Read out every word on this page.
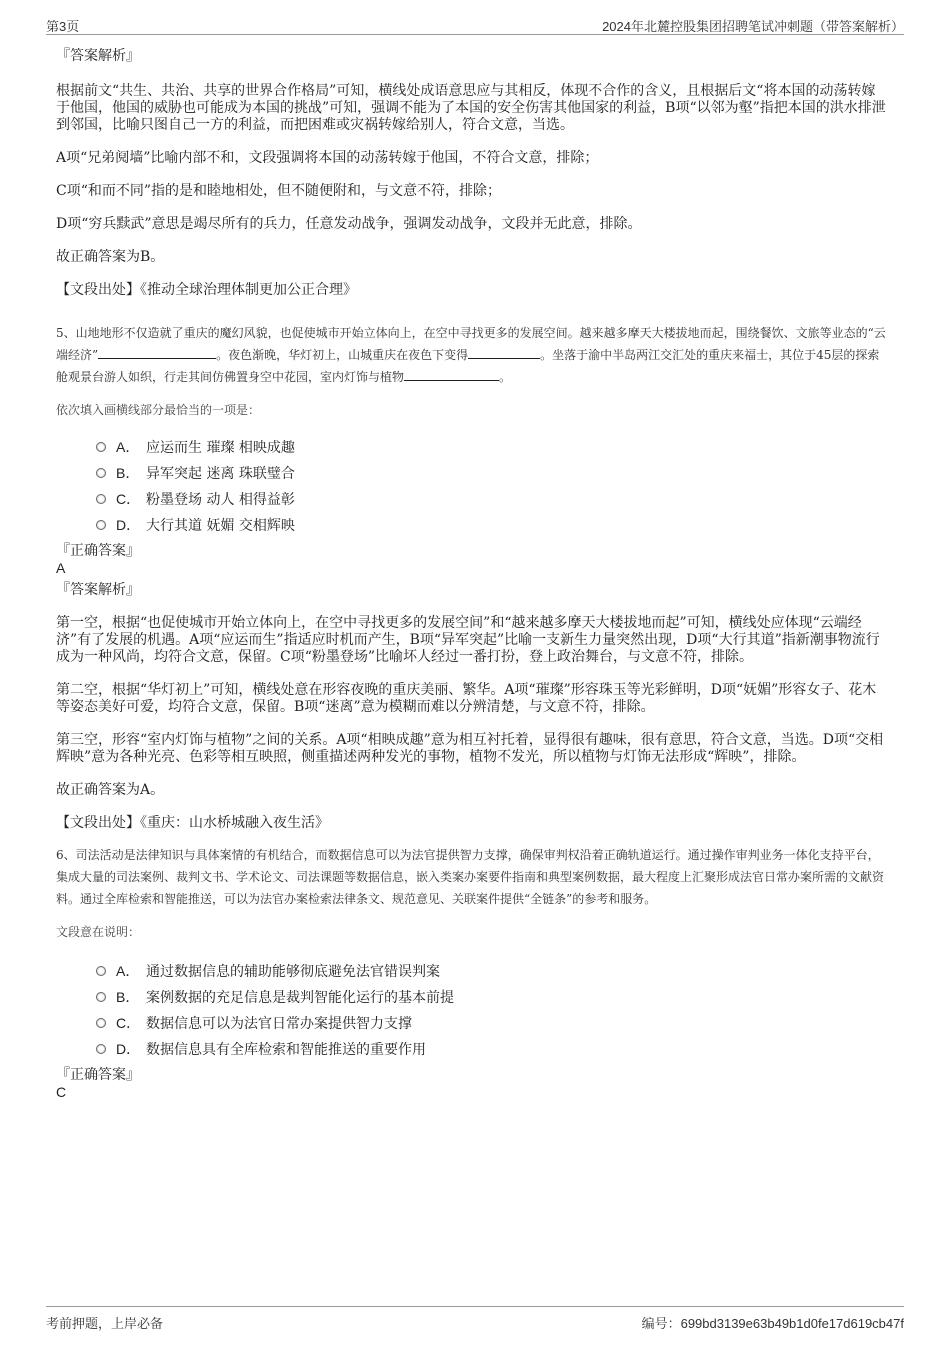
第3页	2024年北麓控股集团招聘笔试冲刺题（带答案解析）

『答案解析』

根据前文“共生、共治、共享的世界合作格局”可知，横线处成语意思应与其相反，体现不合作的含义，且根据后文“将本国的动荡转嫁于他国，他国的威胁也可能成为本国的挑战”可知，强调不能为了本国的安全伤害其他国家的利益，B项“以邻为壑”指把本国的洪水排泄到邻国，比喻只图自己一方的利益，而把困难或灾祸转嫁给别人，符合文意，当选。

A项“兄弟阋墙”比喻内部不和，文段强调将本国的动荡转嫁于他国，不符合文意，排除；

C项“和而不同”指的是和睦地相处，但不随便附和，与文意不符，排除；

D项“穷兵黩武”意思是竭尽所有的兵力，任意发动战争，强调发动战争，文段并无此意，排除。

故正确答案为B。

【文段出处】《推动全球治理体制更加公正合理》

5、山地地形不仅造就了重庆的魔幻风貌，也促使城市开始立体向上，在空中寻找更多的发展空间。越来越多摩天大楼拔地而起，围绕餐饮、文旅等业态的“云端经济”	。夜色渐晚，华灯初上，山城重庆在夜色下变得	。坐落于渝中半岛两江交汇处的重庆来福士，其位于45层的探索舱观景台游人如织，行走其间仿佛置身空中花园，室内灯饰与植物	。

依次填入画横线部分最恰当的一项是：

A． 应运而生 璀璨 相映成趣
B． 异军突起 迷离 珠联璧合
C． 粉墨登场 动人 相得益彰
D． 大行其道 妩媚 交相辉映

『正确答案』

A

『答案解析』

第一空，根据“也促使城市开始立体向上，在空中寻找更多的发展空间”和“越来越多摩天大楼拔地而起”可知，横线处应体现“云端经济”有了发展的机遇。A项“应运而生”指适应时机而产生，B项“异军突起”比喻一支新生力量突然出现，D项“大行其道”指新潮事物流行成为一种风尚，均符合文意，保留。C项“粉墨登场”比喻坏人经过一番打扮，登上政治舞台，与文意不符，排除。

第二空，根据“华灯初上”可知，横线处意在形容夜晚的重庆美丽、繁华。A项“璀璨”形容珠玉等光彩鲜明，D项“妩媚”形容女子、花木等姿态美好可爱，均符合文意，保留。B项“迷离”意为模糊而难以分辨清楚，与文意不符，排除。

第三空，形容“室内灯饰与植物”之间的关系。A项“相映成趣”意为相互衬托着，显得很有趣味，很有意思，符合文意，当选。D项“交相辉映”意为各种光亮、色彩等相互映照，侧重描述两种发光的事物，植物不发光，所以植物与灯饰无法形成“辉映”，排除。

故正确答案为A。

【文段出处】《重庆：山水桥城融入夜生活》

6、司法活动是法律知识与具体案情的有机结合，而数据信息可以为法官提供智力支撑，确保审判权沿着正确轨道运行。通过操作审判业务一体化支持平台，集成大量的司法案例、裁判文书、学术论文、司法课题等数据信息，嵌入类案办案要件指南和典型案例数据，最大程度上汇聚形成法官日常办案所需的文献资料。通过全库检索和智能推送，可以为法官办案检索法律条文、规范意见、关联案件提供“全链条”的参考和服务。

文段意在说明：

A． 通过数据信息的辅助能够彻底避免法官错误判案
B． 案例数据的充足信息是裁判智能化运行的基本前提
C． 数据信息可以为法官日常办案提供智力支撑
D． 数据信息具有全库检索和智能推送的重要作用

『正确答案』

C

考前押题，上岸必备	编号：699bd3139e63b49b1d0fe17d619cb47f
